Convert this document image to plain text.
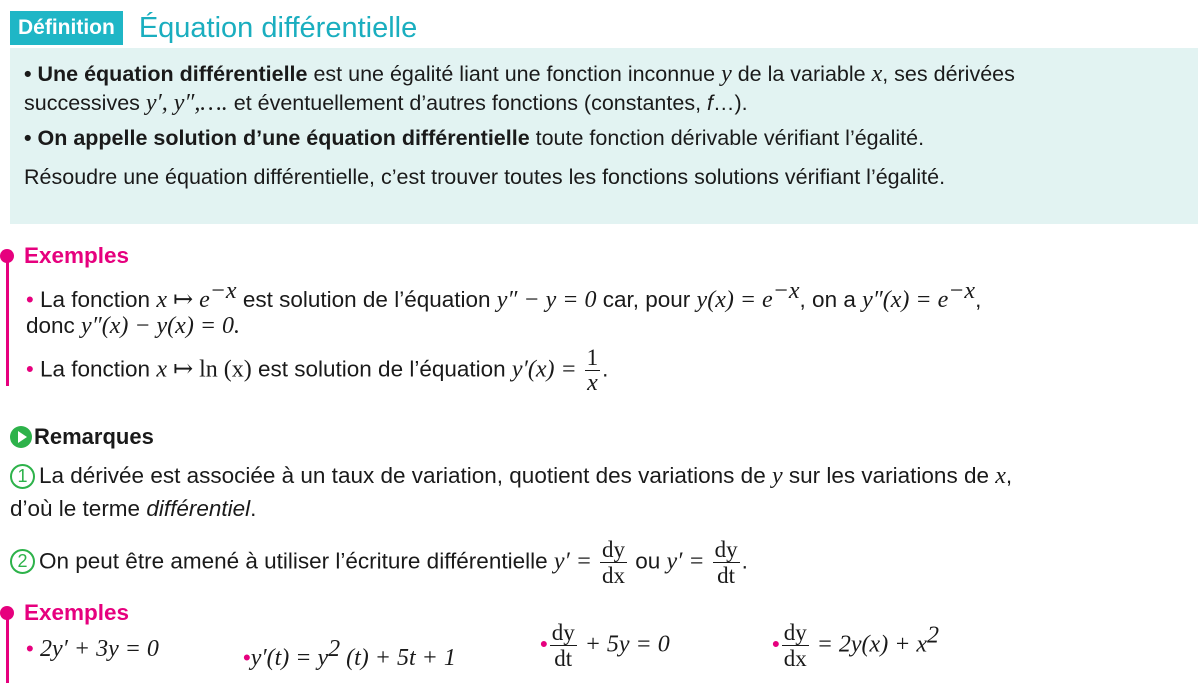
Définition Équation différentielle

• Une équation différentielle est une égalité liant une fonction inconnue y de la variable x, ses dérivées
successives y′, y″,…. et éventuellement d’autres fonctions (constantes, f…).

• On appelle solution d’une équation différentielle toute fonction dérivable vérifiant l’égalité.

Résoudre une équation différentielle, c’est trouver toutes les fonctions solutions vérifiant l’égalité.

Exemples
• La fonction x ↦ $e^{-x}$ est solution de l’équation y″ − y = 0 car, pour $y(x) = e^{-x}$, on a $y''(x) = e^{-x}$,
donc y″(x) − y(x) = 0.
• La fonction x ↦ ln (x) est solution de l’équation $y'(x) = \frac{1}{x}$ .
Remarques
1 La dérivée est associée à un taux de variation, quotient des variations de y sur les variations de x,
d’où le terme différentiel.
2 On peut être amené à utiliser l’écriture différentielle $y' = \frac{dy}{dx}$ ou $y' = \frac{dy}{dt}$ .
Exemples
• 2y′ + 3y = 0	•y′(t) = $y^2$ (t) + 5t + 1
• $\frac{dy}{dt} + 5y = 0$	• $\frac{dy}{dx} = 2y(x) + x^2$
